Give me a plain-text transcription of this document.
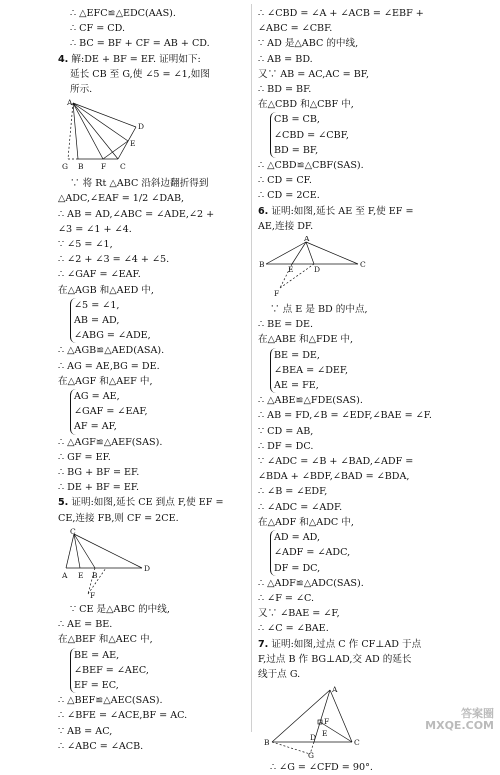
∴ △EFC≌△EDC(AAS).
∴ CF = CD.
∴ BC = BF + CF = AB + CD.
4. 解:DE + BF = EF. 证明如下:
延长 CB 至 G,使 ∠5 = ∠1,如图
所示.
A
D
E
C
F
B
G
∵ 将 Rt △ABC 沿斜边翻折得到
△ADC,∠EAF = 1/2 ∠DAB,
∴ AB = AD,∠ABC = ∠ADE,∠2 +
∠3 = ∠1 + ∠4.
∵ ∠5 = ∠1,
∴ ∠2 + ∠3 = ∠4 + ∠5.
∴ ∠GAF = ∠EAF.
在△AGB 和△AED 中,
∠5 = ∠1,
AB = AD,
∠ABG = ∠ADE,
∴ △AGB≌△AED(ASA).
∴ AG = AE,BG = DE.
在△AGF 和△AEF 中,
AG = AE,
∠GAF = ∠EAF,
AF = AF,
∴ △AGF≌△AEF(SAS).
∴ GF = EF.
∴ BG + BF = EF.
∴ DE + BF = EF.
5. 证明:如图,延长 CE 到点 F,使 EF =
CE,连接 FB,则 CF = 2CE.
C
A E B
D
F
∵ CE 是△ABC 的中线,
∴ AE = BE.
在△BEF 和△AEC 中,
BE = AE,
∠BEF = ∠AEC,
EF = EC,
∴ △BEF≌△AEC(SAS).
∴ ∠BFE = ∠ACE,BF = AC.
∵ AB = AC,
∴ ∠ABC = ∠ACB.
∴ ∠CBD = ∠A + ∠ACB = ∠EBF +
∠ABC = ∠CBF.
∵ AD 是△ABC 的中线,
∴ AB = BD.
又∵ AB = AC,AC = BF,
∴ BD = BF.
在△CBD 和△CBF 中,
CB = CB,
∠CBD = ∠CBF,
BD = BF,
∴ △CBD≌△CBF(SAS).
∴ CD = CF.
∴ CD = 2CE.
6. 证明:如图,延长 AE 至 F,使 EF =
AE,连接 DF.
A
B
E	D
C
F
∵ 点 E 是 BD 的中点,
∴ BE = DE.
在△ABE 和△FDE 中,
BE = DE,
∠BEA = ∠DEF,
AE = FE,
∴ △ABE≌△FDE(SAS).
∴ AB = FD,∠B = ∠EDF,∠BAE = ∠F.
∵ CD = AB,
∴ DF = DC.
∵ ∠ADC = ∠B + ∠BAD,∠ADF =
∠BDA + ∠BDF,∠BAD = ∠BDA,
∴ ∠B = ∠EDF,
∴ ∠ADC = ∠ADF.
在△ADF 和△ADC 中,
AD = AD,
∠ADF = ∠ADC,
DF = DC,
∴ △ADF≌△ADC(SAS).
∴ ∠F = ∠C.
又∵ ∠BAE = ∠F,
∴ ∠C = ∠BAE.
7. 证明:如图,过点 C 作 CF⊥AD 于点
F,过点 B 作 BG⊥AD,交 AD 的延长
线于点 G.
A
B
D
F
E
C
G
∴ ∠G = ∠CFD = 90°.
答案圈
MXQE.COM
